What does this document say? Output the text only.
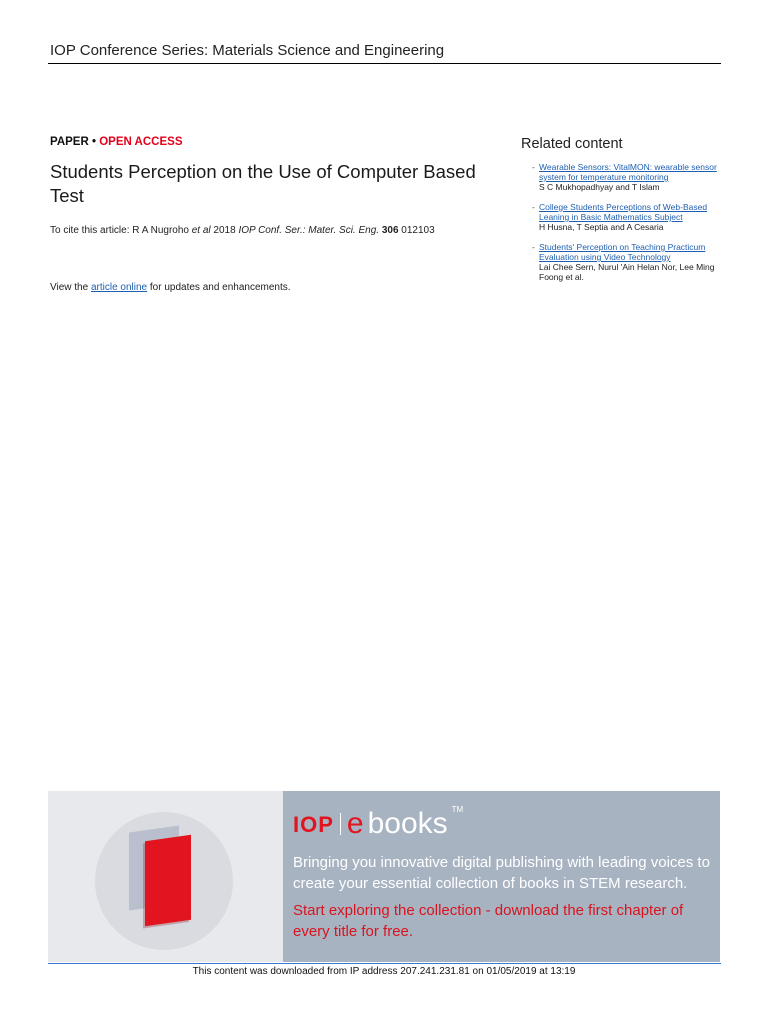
IOP Conference Series: Materials Science and Engineering
PAPER • OPEN ACCESS
Students Perception on the Use of Computer Based Test
To cite this article: R A Nugroho et al 2018 IOP Conf. Ser.: Mater. Sci. Eng. 306 012103
View the article online for updates and enhancements.
Related content
- Wearable Sensors: VitalMON: wearable sensor system for temperature monitoring
S C Mukhopadhyay and T Islam
- College Students Perceptions of Web-Based Leaning in Basic Mathematics Subject
H Husna, T Septia and A Cesaria
- Students' Perception on Teaching Practicum Evaluation using Video Technology
Lai Chee Sern, Nurul 'Ain Helan Nor, Lee Ming Foong et al.
IOP e books TM
Bringing you innovative digital publishing with leading voices to create your essential collection of books in STEM research.
Start exploring the collection - download the first chapter of every title for free.
This content was downloaded from IP address 207.241.231.81 on 01/05/2019 at 13:19
